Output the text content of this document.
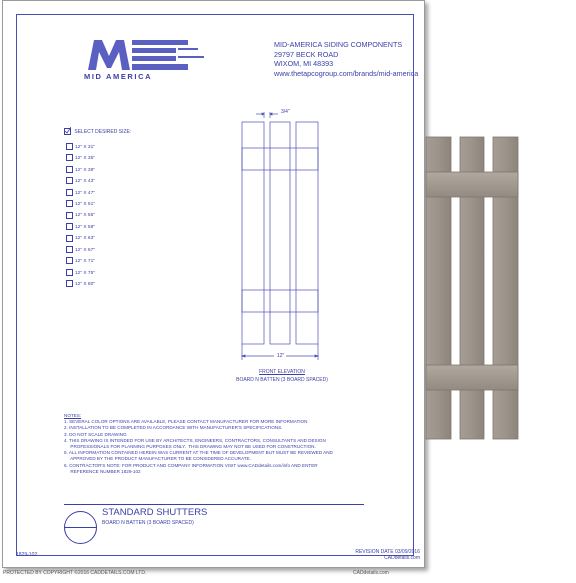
MID AMERICA
MID-AMERICA SIDING COMPONENTS
29797 BECK ROAD
WIXOM, MI 48393
www.thetapcogroup.com/brands/mid-america
SELECT DESIRED SIZE:
12" X 31"
12" X 35"
12" X 39"
12" X 43"
12" X 47"
12" X 51"
12" X 55"
12" X 59"
12" X 63"
12" X 67"
12" X 71"
12" X 75"
12" X 80"
3/4"
12"
FRONT ELEVATION
BOARD N BATTEN (3 BOARD SPACED)
NOTES:
1. SEVERAL COLOR OPTIONS ARE AVAILABLE, PLEASE CONTACT MANUFACTURER FOR MORE INFORMATION
2. INSTALLATION TO BE COMPLETED IN ACCORDANCE WITH MANUFACTURER'S SPECIFICATIONS.
3. DO NOT SCALE DRAWING
4. THIS DRAWING IS INTENDED FOR USE BY ARCHITECTS, ENGINEERS, CONTRACTORS, CONSULTANTS AND DESIGN
PROFESSIONALS FOR PLANNING PURPOSES ONLY.  THIS DRAWING MAY NOT BE USED FOR CONSTRUCTION.
5. ALL INFORMATION CONTAINED HEREIN WAS CURRENT AT THE TIME OF DEVELOPMENT BUT MUST BE REVIEWED AND
APPROVED BY THE PRODUCT MANUFACTURER TO BE CONSIDERED ACCURATE.
6. CONTRACTOR'S NOTE: FOR PRODUCT AND COMPANY INFORMATION VISIT www.CADdetails.com/info AND ENTER
REFERENCE NUMBER 1829-102
STANDARD SHUTTERS
BOARD N BATTEN (3 BOARD SPACED)
1829-102	REVISION DATE 03/09/2016
CADdetails.com
PROTECTED BY COPYRIGHT ©2016 CADDETAILS.COM LTD.	CADdetails.com
